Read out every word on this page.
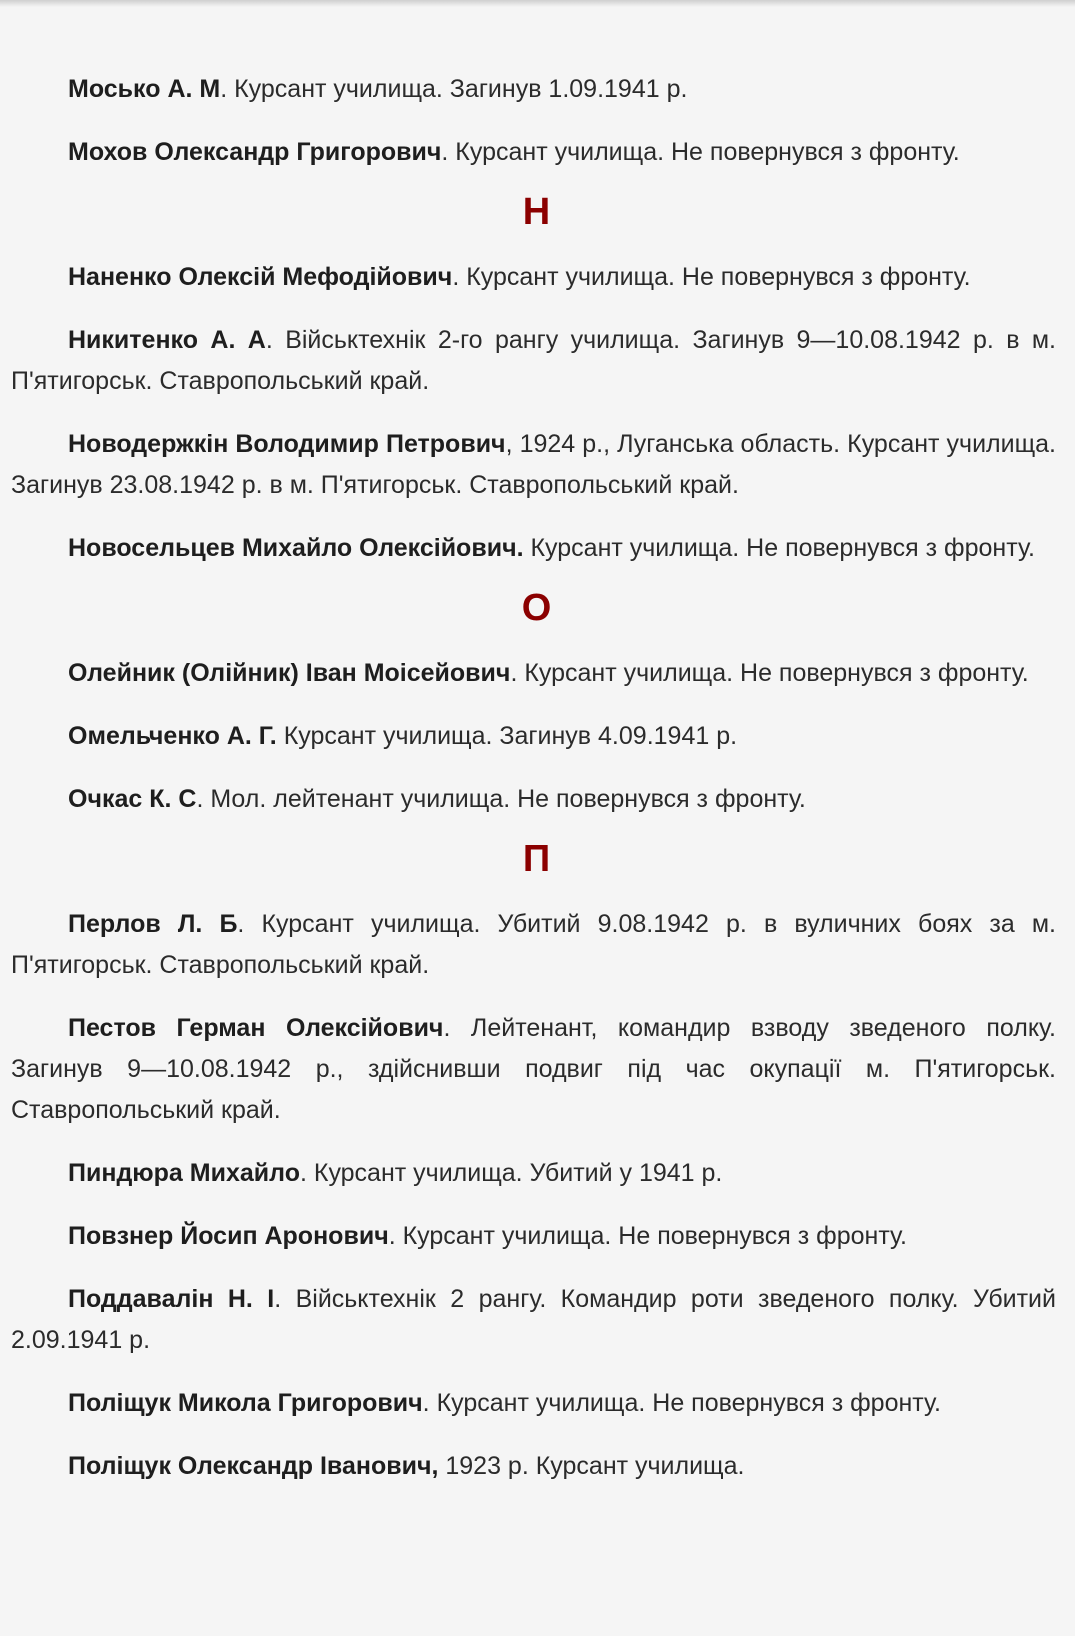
Мосько А. М. Курсант училища. Загинув 1.09.1941 р.

Мохов Олександр Григорович. Курсант училища. Не повернувся з фронту.

Н

Наненко Олексій Мефодійович. Курсант училища. Не повернувся з фронту.

Никитенко А. А. Військтехнік 2-го рангу училища. Загинув 9—10.08.1942 р. в м. П'ятигорськ. Ставропольський край.

Новодержкін Володимир Петрович, 1924 р., Луганська область. Курсант училища. Загинув 23.08.1942 р. в м. П'ятигорськ. Ставропольський край.

Новосельцев Михайло Олексійович. Курсант училища. Не повернувся з фронту.

О

Олейник (Олійник) Іван Моісейович. Курсант училища. Не повернувся з фронту.

Омельченко А. Г. Курсант училища. Загинув 4.09.1941 р.

Очкас К. С. Мол. лейтенант училища. Не повернувся з фронту.

П

Перлов Л. Б. Курсант училища. Убитий 9.08.1942 р. в вуличних боях за м. П'ятигорськ. Ставропольський край.

Пестов Герман Олексійович. Лейтенант, командир взводу зведеного полку. Загинув 9—10.08.1942 р., здійснивши подвиг під час окупації м. П'ятигорськ. Ставропольський край.

Пиндюра Михайло. Курсант училища. Убитий у 1941 р.

Повзнер Йосип Аронович. Курсант училища. Не повернувся з фронту.

Поддавалін Н. І. Військтехнік 2 рангу. Командир роти зведеного полку. Убитий 2.09.1941 р.

Поліщук Микола Григорович. Курсант училища. Не повернувся з фронту.

Поліщук Олександр Іванович, 1923 р. Курсант училища.
